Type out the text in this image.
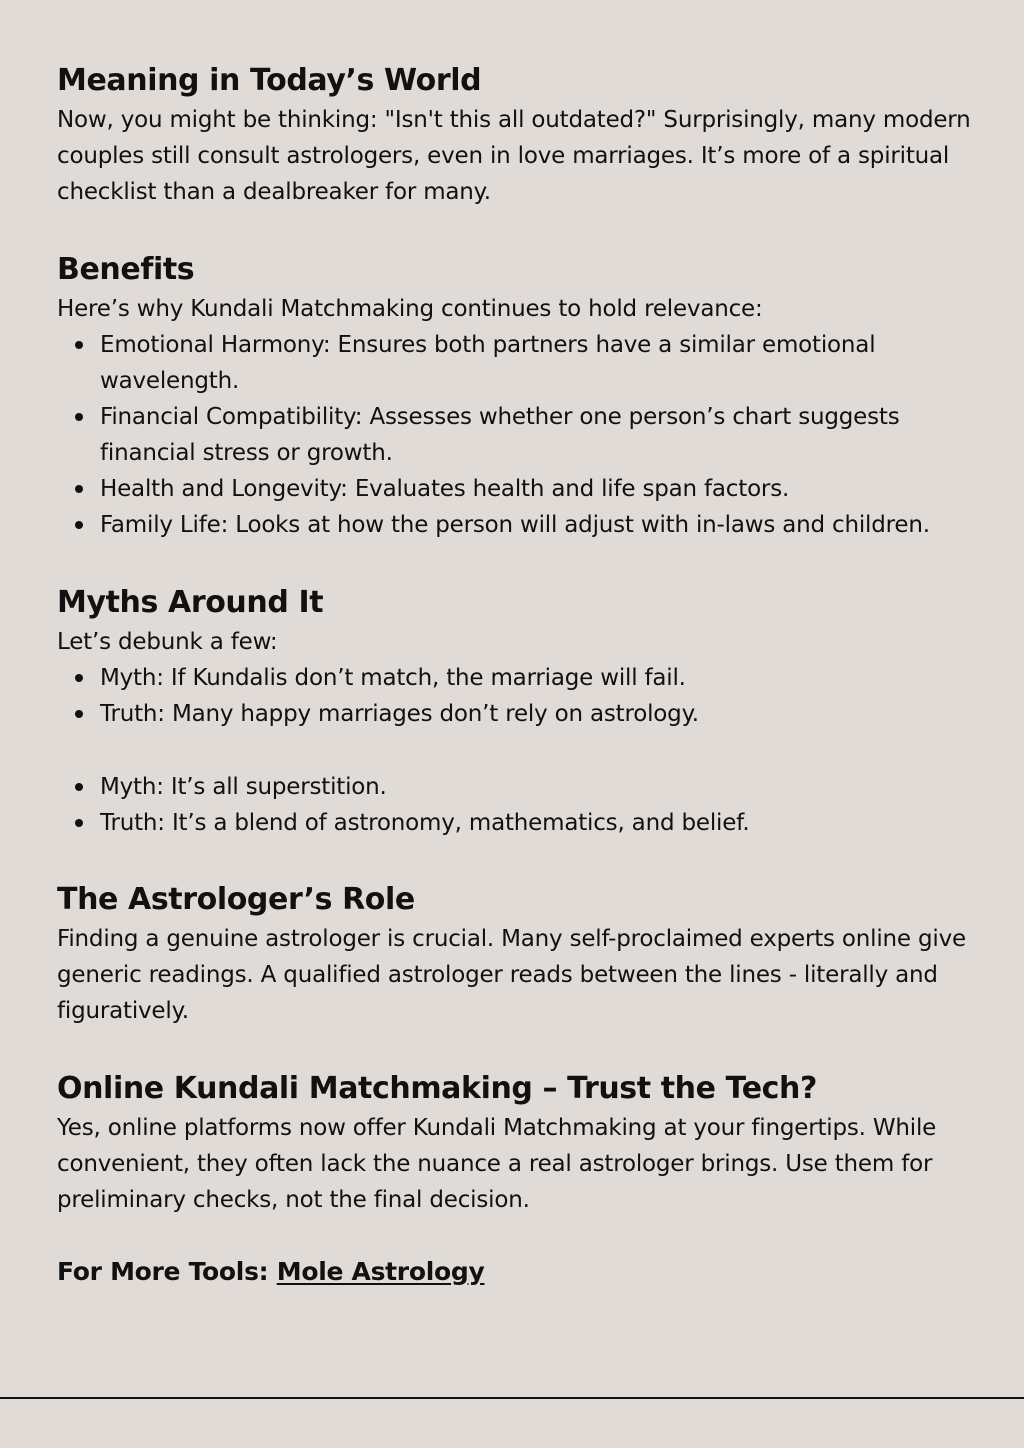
Meaning in Today’s World

Now, you might be thinking: "Isn't this all outdated?" Surprisingly, many modern couples still consult astrologers, even in love marriages. It’s more of a spiritual checklist than a dealbreaker for many.

Benefits

Here’s why Kundali Matchmaking continues to hold relevance:

Emotional Harmony: Ensures both partners have a similar emotional wavelength.
Financial Compatibility: Assesses whether one person’s chart suggests financial stress or growth.
Health and Longevity: Evaluates health and life span factors.
Family Life: Looks at how the person will adjust with in-laws and children.
Myths Around It

Let’s debunk a few:

Myth: If Kundalis don’t match, the marriage will fail.
Truth: Many happy marriages don’t rely on astrology.
Myth: It’s all superstition.
Truth: It’s a blend of astronomy, mathematics, and belief.
The Astrologer’s Role

Finding a genuine astrologer is crucial. Many self-proclaimed experts online give generic readings. A qualified astrologer reads between the lines - literally and figuratively.

Online Kundali Matchmaking – Trust the Tech?

Yes, online platforms now offer Kundali Matchmaking at your fingertips. While convenient, they often lack the nuance a real astrologer brings. Use them for preliminary checks, not the final decision.

For More Tools: Mole Astrology
